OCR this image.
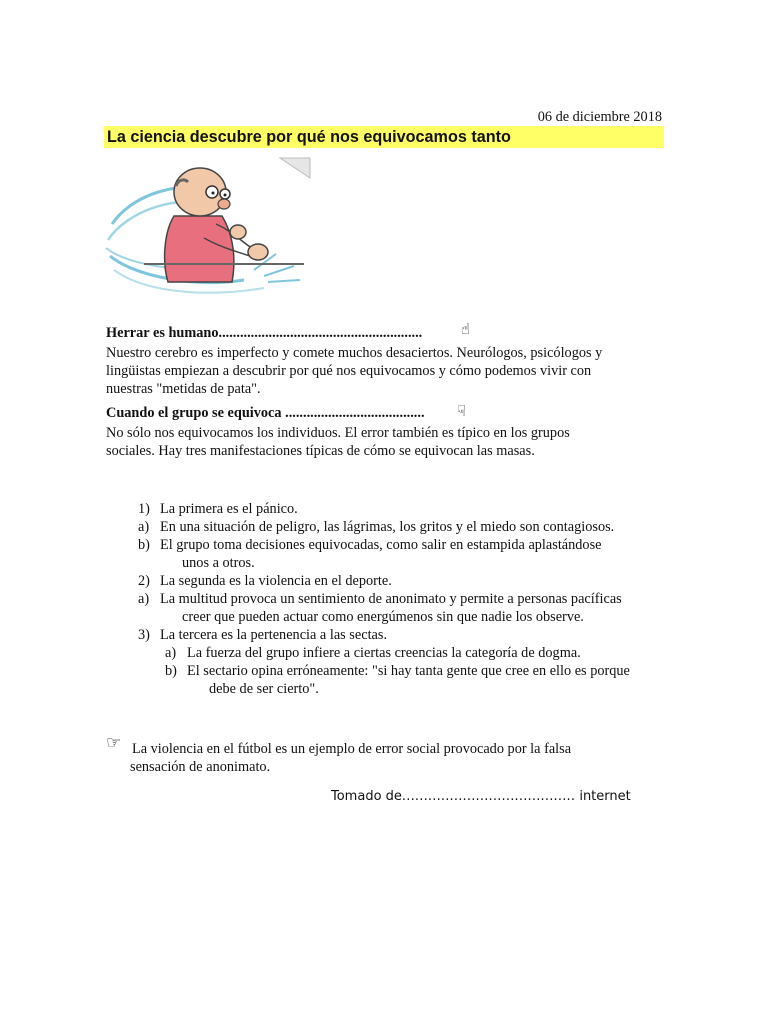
06 de diciembre 2018
La ciencia descubre por qué nos equivocamos tanto
Herrar es humano.........................................................	☝
Nuestro cerebro es imperfecto y comete muchos desaciertos. Neurólogos, psicólogos y
lingüistas empiezan a descubrir por qué nos equivocamos y cómo podemos vivir con
nuestras "metidas de pata".
Cuando el grupo se equivoca ....................................... ☟
No sólo nos equivocamos los individuos. El error también es típico en los grupos
sociales. Hay tres manifestaciones típicas de cómo se equivocan las masas.
1) La primera es el pánico.
a) En una situación de peligro, las lágrimas, los gritos y el miedo son contagiosos.
b) El grupo toma decisiones equivocadas, como salir en estampida aplastándose
unos a otros.
2) La segunda es la violencia en el deporte.
a) La multitud provoca un sentimiento de anonimato y permite a personas pacíficas
creer que pueden actuar como energúmenos sin que nadie los observe.
3) La tercera es la pertenencia a las sectas.
a) La fuerza del grupo infiere a ciertas creencias la categoría de dogma.
b) El sectario opina erróneamente: "si hay tanta gente que cree en ello es porque
debe de ser cierto".
☞ La violencia en el fútbol es un ejemplo de error social provocado por la falsa
sensación de anonimato.
Tomado de........................................ internet
